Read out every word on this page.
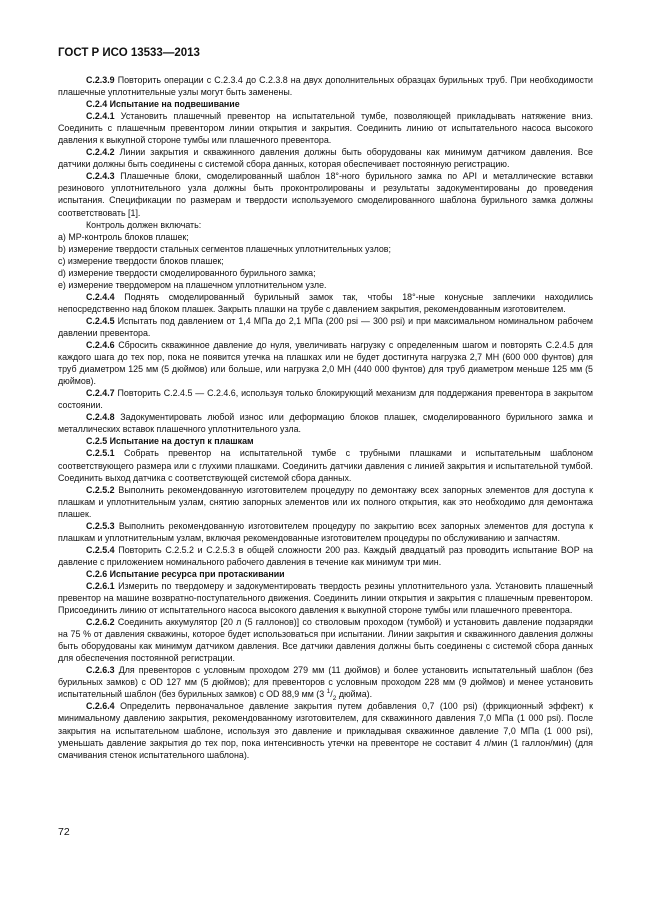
ГОСТ Р ИСО 13533—2013

C.2.3.9 Повторить операции с С.2.3.4 до С.2.3.8 на двух дополнительных образцах бурильных труб. При необходимости плашечные уплотнительные узлы могут быть заменены.

С.2.4 Испытание на подвешивание

С.2.4.1 Установить плашечный превентор на испытательной тумбе, позволяющей прикладывать натяжение вниз. Соединить с плашечным превентором линии открытия и закрытия. Соединить линию от испытательного насоса высокого давления к выкупной стороне тумбы или плашечного превентора.

С.2.4.2 Линии закрытия и скважинного давления должны быть оборудованы как минимум датчиком давления. Все датчики должны быть соединены с системой сбора данных, которая обеспечивает постоянную регистрацию.

С.2.4.3 Плашечные блоки, смоделированный шаблон 18°-ного бурильного замка по API и металлические вставки резинового уплотнительного узла должны быть проконтролированы и результаты задокументированы до проведения испытания. Спецификации по размерам и твердости используемого смоделированного шаблона бурильного замка должны соответствовать [1].

Контроль должен включать:

a) МР-контроль блоков плашек;

b) измерение твердости стальных сегментов плашечных уплотнительных узлов;

c) измерение твердости блоков плашек;

d) измерение твердости смоделированного бурильного замка;

e) измерение твердомером на плашечном уплотнительном узле.

С.2.4.4 Поднять смоделированный бурильный замок так, чтобы 18°-ные конусные заплечики находились непосредственно над блоком плашек. Закрыть плашки на трубе с давлением закрытия, рекомендованным изготовителем.

С.2.4.5 Испытать под давлением от 1,4 МПа до 2,1 МПа (200 psi — 300 psi) и при максимальном номинальном рабочем давлении превентора.

С.2.4.6 Сбросить скважинное давление до нуля, увеличивать нагрузку с определенным шагом и повторять С.2.4.5 для каждого шага до тех пор, пока не появится утечка на плашках или не будет достигнута нагрузка 2,7 МН (600 000 фунтов) для труб диаметром 125 мм (5 дюймов) или больше, или нагрузка 2,0 МН (440 000 фунтов) для труб диаметром меньше 125 мм (5 дюймов).

С.2.4.7 Повторить С.2.4.5 — С.2.4.6, используя только блокирующий механизм для поддержания превентора в закрытом состоянии.

С.2.4.8 Задокументировать любой износ или деформацию блоков плашек, смоделированного бурильного замка и металлических вставок плашечного уплотнительного узла.

С.2.5 Испытание на доступ к плашкам

С.2.5.1 Собрать превентор на испытательной тумбе с трубными плашками и испытательным шаблоном соответствующего размера или с глухими плашками. Соединить датчики давления с линией закрытия и испытательной тумбой. Соединить выход датчика с соответствующей системой сбора данных.

С.2.5.2 Выполнить рекомендованную изготовителем процедуру по демонтажу всех запорных элементов для доступа к плашкам и уплотнительным узлам, снятию запорных элементов или их полного открытия, как это необходимо для демонтажа плашек.

С.2.5.3 Выполнить рекомендованную изготовителем процедуру по закрытию всех запорных элементов для доступа к плашкам и уплотнительным узлам, включая рекомендованные изготовителем процедуры по обслуживанию и запчастям.

С.2.5.4 Повторить С.2.5.2 и С.2.5.3 в общей сложности 200 раз. Каждый двадцатый раз проводить испытание BOP на давление с приложением номинального рабочего давления в течение как минимум три мин.

С.2.6 Испытание ресурса при протаскивании

С.2.6.1 Измерить по твердомеру и задокументировать твердость резины уплотнительного узла. Установить плашечный превентор на машине возвратно-поступательного движения. Соединить линии открытия и закрытия с плашечным превентором. Присоединить линию от испытательного насоса высокого давления к выкупной стороне тумбы или плашечного превентора.

С.2.6.2 Соединить аккумулятор [20 л (5 галлонов)] со стволовым проходом (тумбой) и установить давление подзарядки на 75 % от давления скважины, которое будет использоваться при испытании. Линии закрытия и скважинного давления должны быть оборудованы как минимум датчиком давления. Все датчики давления должны быть соединены с системой сбора данных для обеспечения постоянной регистрации.

С.2.6.3 Для превенторов с условным проходом 279 мм (11 дюймов) и более установить испытательный шаблон (без бурильных замков) с OD 127 мм (5 дюймов); для превенторов с условным проходом 228 мм (9 дюймов) и менее установить испытательный шаблон (без бурильных замков) с OD 88,9 мм (3 $^1/_2$ дюйма).

С.2.6.4 Определить первоначальное давление закрытия путем добавления 0,7 (100 psi) (фрикционный эффект) к минимальному давлению закрытия, рекомендованному изготовителем, для скважинного давления 7,0 МПа (1 000 psi). После закрытия на испытательном шаблоне, используя это давление и прикладывая скважинное давление 7,0 МПа (1 000 psi), уменьшать давление закрытия до тех пор, пока интенсивность утечки на превенторе не составит 4 л/мин (1 галлон/мин) (для смачивания стенок испытательного шаблона).

72
